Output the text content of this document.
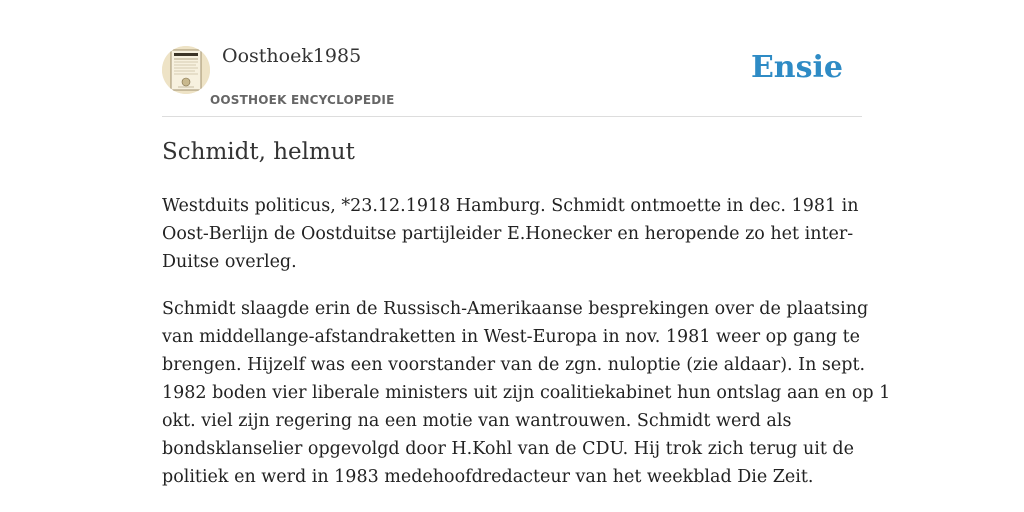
Oosthoek1985
OOSTHOEK ENCYCLOPEDIE
Ensie
Schmidt, helmut

Westduits politicus, *23.12.1918 Hamburg. Schmidt ontmoette in dec. 1981 in
Oost-Berlijn de Oostduitse partijleider E.Honecker en heropende zo het inter-
Duitse overleg.

Schmidt slaagde erin de Russisch-Amerikaanse besprekingen over de plaatsing
van middellange-afstandraketten in West-Europa in nov. 1981 weer op gang te
brengen. Hijzelf was een voorstander van de zgn. nuloptie (zie aldaar). In sept.
1982 boden vier liberale ministers uit zijn coalitiekabinet hun ontslag aan en op 1
okt. viel zijn regering na een motie van wantrouwen. Schmidt werd als
bondsklanselier opgevolgd door H.Kohl van de CDU. Hij trok zich terug uit de
politiek en werd in 1983 medehoofdredacteur van het weekblad Die Zeit.
